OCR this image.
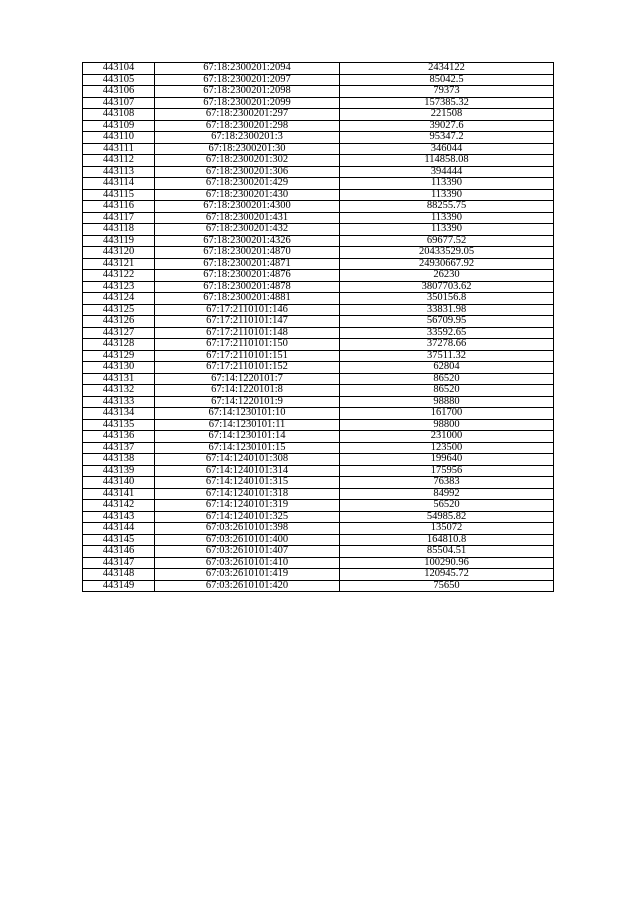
443104	67:18:2300201:2094	2434122
443105	67:18:2300201:2097	85042.5
443106	67:18:2300201:2098	79373
443107	67:18:2300201:2099	157385.32
443108	67:18:2300201:297	221508
443109	67:18:2300201:298	39027.6
443110	67:18:2300201:3	95347.2
443111	67:18:2300201:30	346044
443112	67:18:2300201:302	114858.08
443113	67:18:2300201:306	394444
443114	67:18:2300201:429	113390
443115	67:18:2300201:430	113390
443116	67:18:2300201:4300	88255.75
443117	67:18:2300201:431	113390
443118	67:18:2300201:432	113390
443119	67:18:2300201:4326	69677.52
443120	67:18:2300201:4870	20433529.05
443121	67:18:2300201:4871	24930667.92
443122	67:18:2300201:4876	26230
443123	67:18:2300201:4878	3807703.62
443124	67:18:2300201:4881	350156.8
443125	67:17:2110101:146	33831.98
443126	67:17:2110101:147	56709.95
443127	67:17:2110101:148	33592.65
443128	67:17:2110101:150	37278.66
443129	67:17:2110101:151	37511.32
443130	67:17:2110101:152	62804
443131	67:14:1220101:7	86520
443132	67:14:1220101:8	86520
443133	67:14:1220101:9	98880
443134	67:14:1230101:10	161700
443135	67:14:1230101:11	98800
443136	67:14:1230101:14	231000
443137	67:14:1230101:15	123500
443138	67:14:1240101:308	199640
443139	67:14:1240101:314	175956
443140	67:14:1240101:315	76383
443141	67:14:1240101:318	84992
443142	67:14:1240101:319	56520
443143	67:14:1240101:325	54985.82
443144	67:03:2610101:398	135072
443145	67:03:2610101:400	164810.8
443146	67:03:2610101:407	85504.51
443147	67:03:2610101:410	100290.96
443148	67:03:2610101:419	120945.72
443149	67:03:2610101:420	75650
